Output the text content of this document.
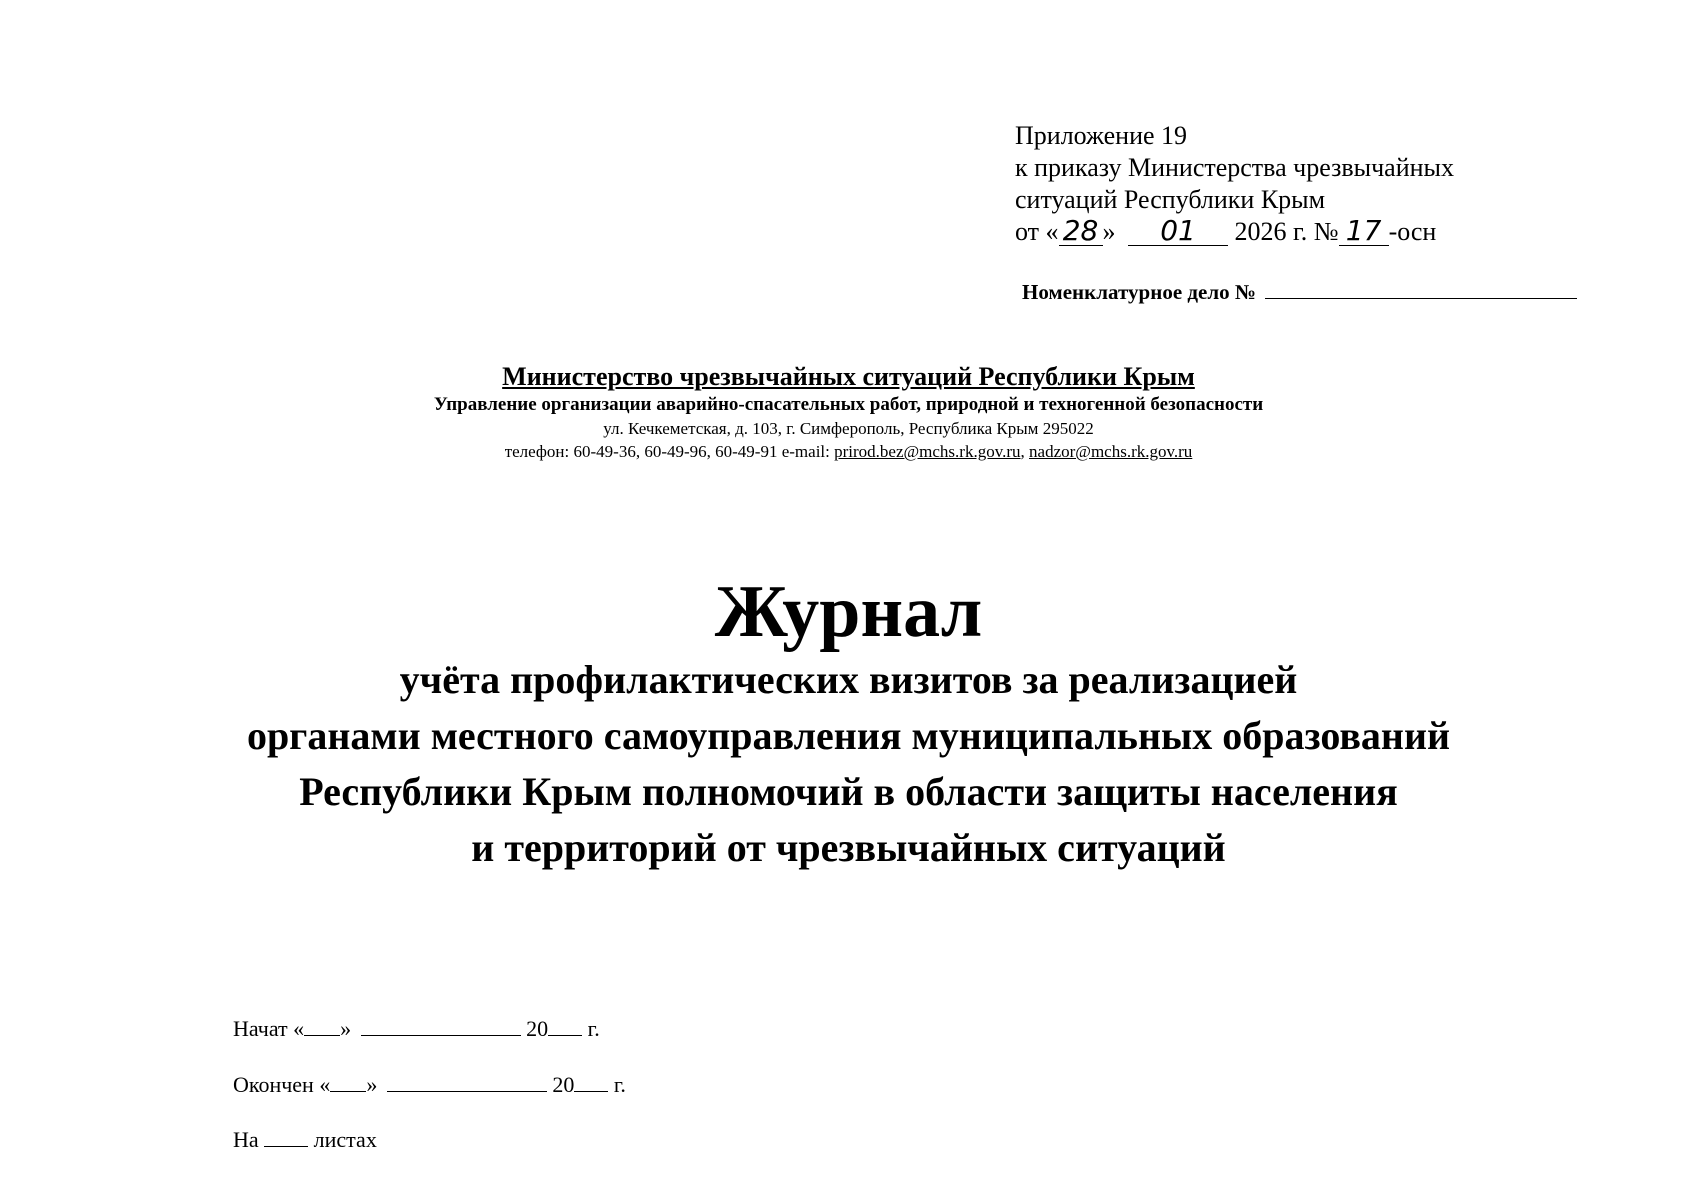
Приложение 19
к приказу Министерства чрезвычайных
ситуаций Республики Крым
от « 28 » 01 2026 г. № 17 -осн
Номенклатурное дело №
Министерство чрезвычайных ситуаций Республики Крым
Управление организации аварийно-спасательных работ, природной и техногенной безопасности
ул. Кечкеметская, д. 103, г. Симферополь, Республика Крым 295022
телефон: 60-49-36, 60-49-96, 60-49-91 e-mail: prirod.bez@mchs.rk.gov.ru, nadzor@mchs.rk.gov.ru
Журнал
учёта профилактических визитов за реализацией
органами местного самоуправления муниципальных образований
Республики Крым полномочий в области защиты населения
и территорий от чрезвычайных ситуаций
Начат « »	20 г.
Окончен « »	20 г.
На	листах
